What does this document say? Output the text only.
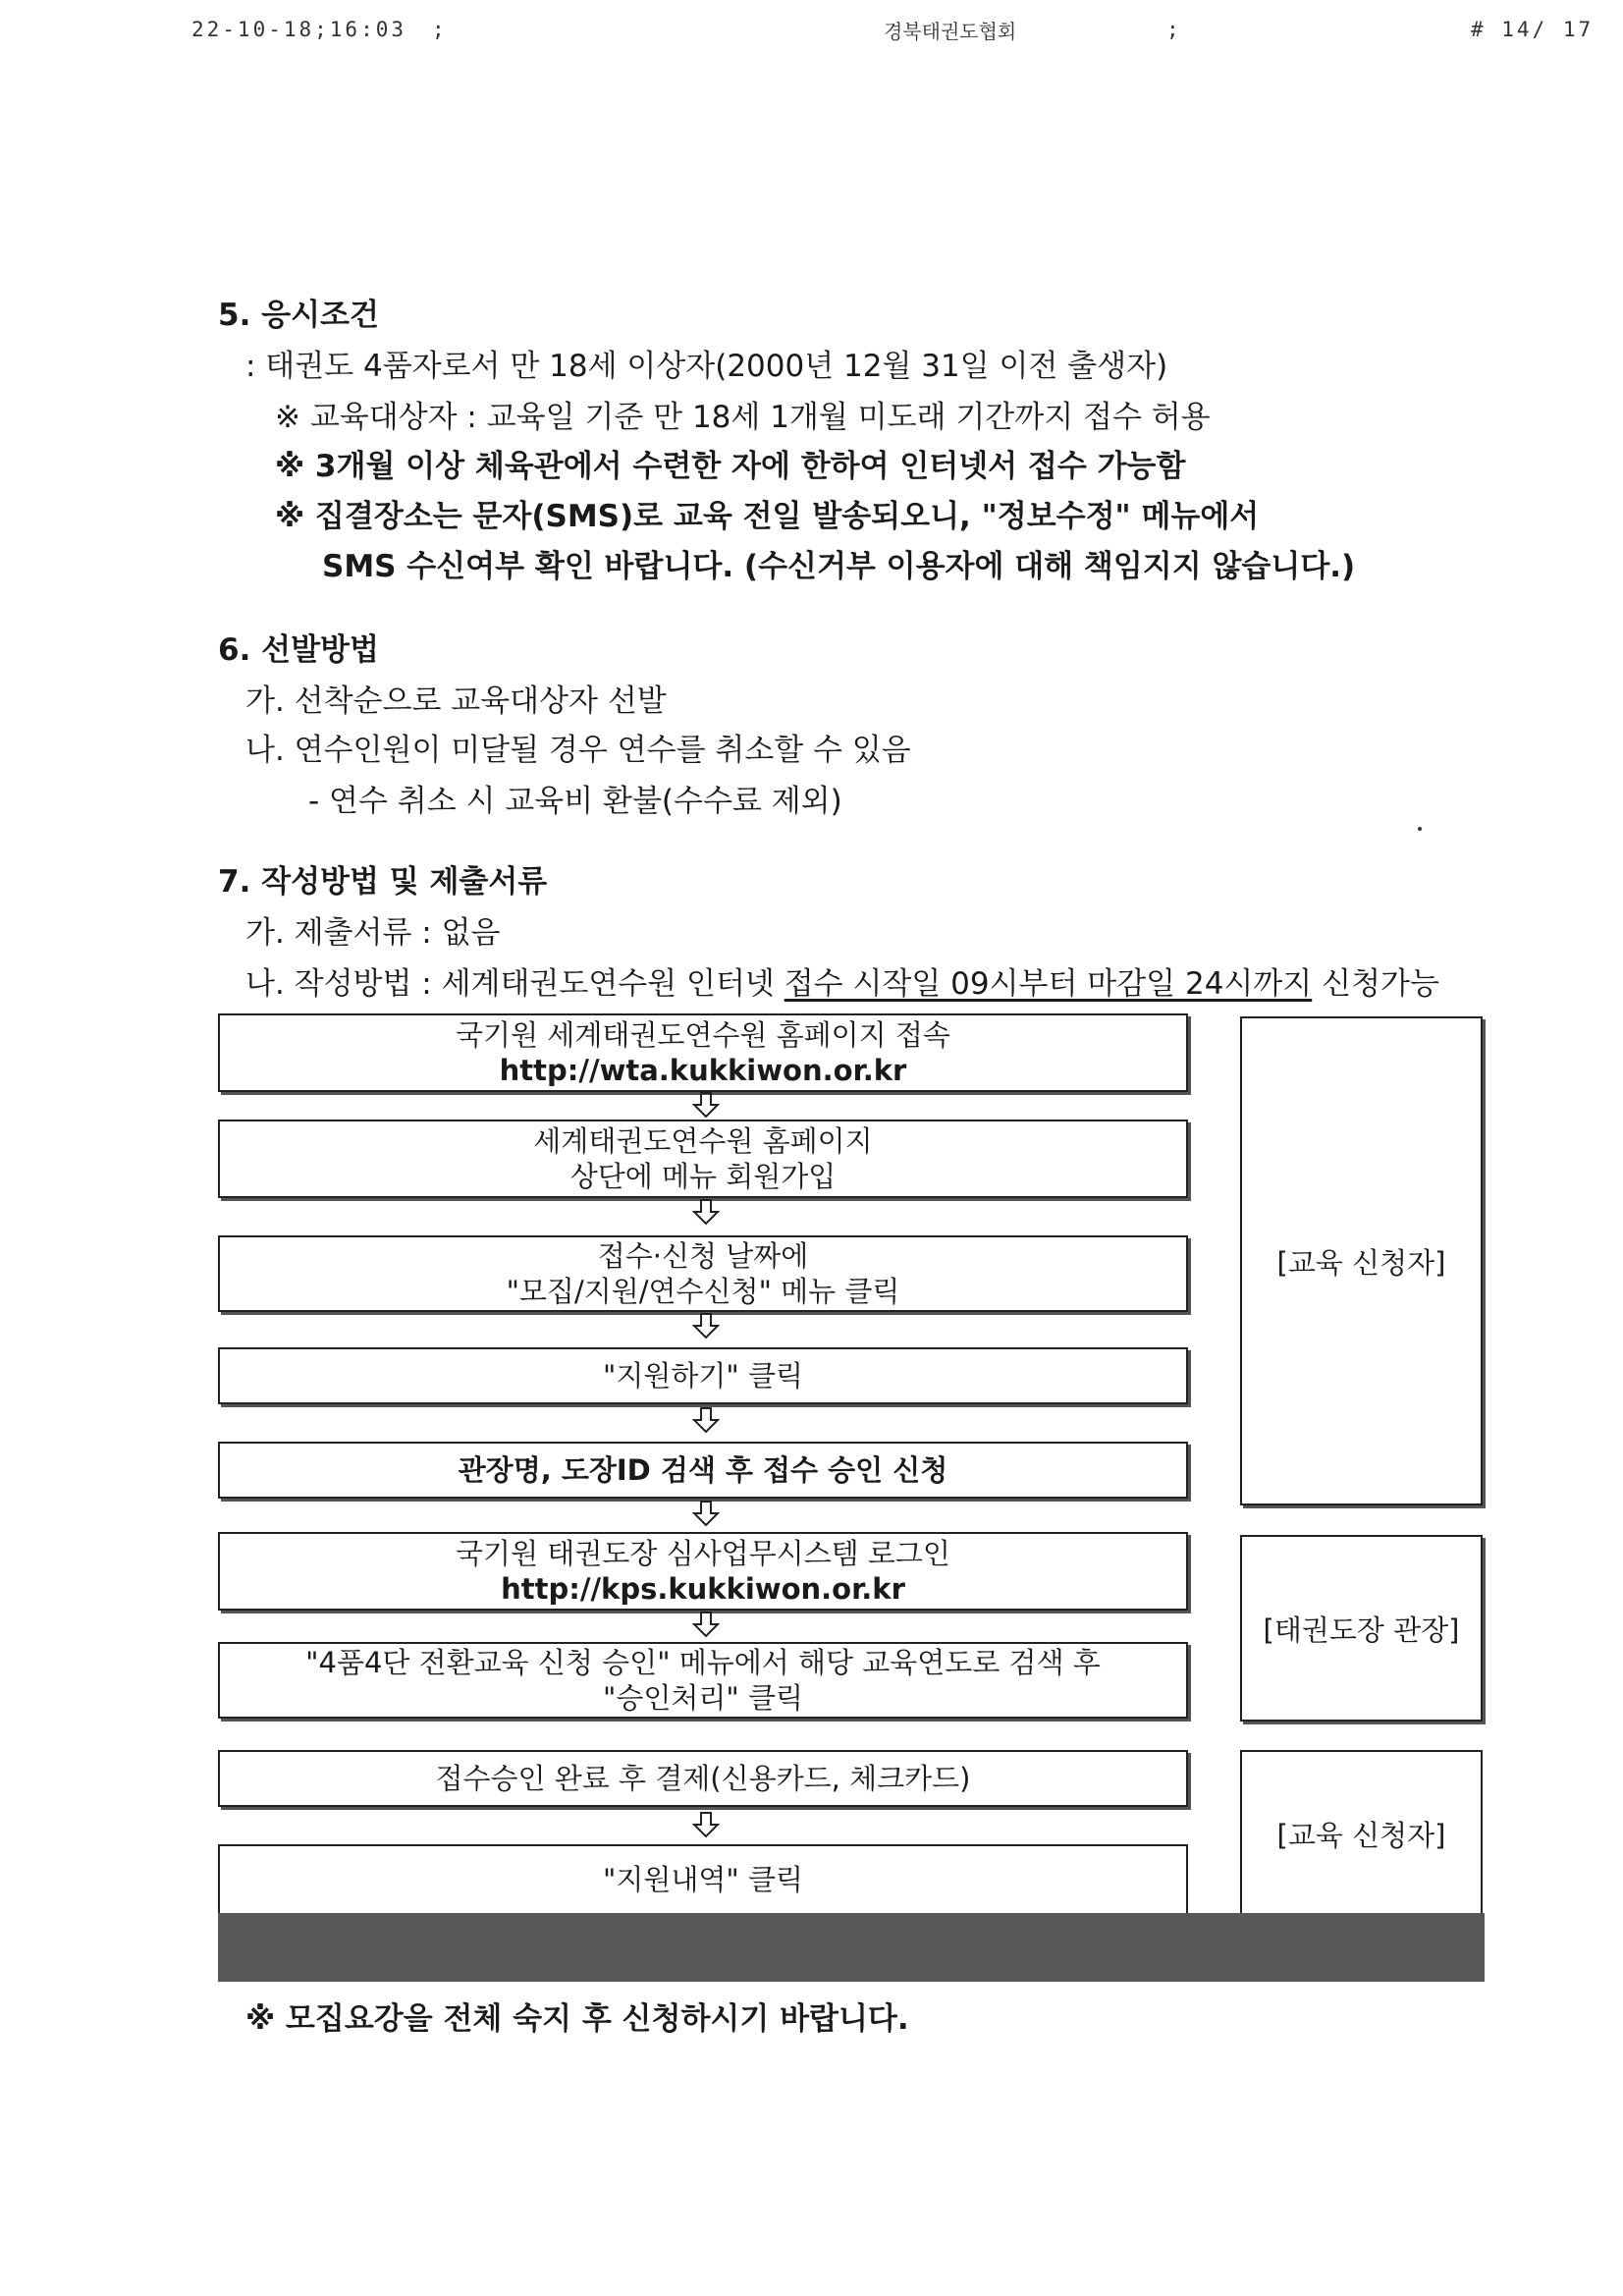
22-10-18;16:03 ;	경북태권도협회	;	# 14/ 17
5. 응시조건
: 태권도 4품자로서 만 18세 이상자(2000년 12월 31일 이전 출생자)
※ 교육대상자 : 교육일 기준 만 18세 1개월 미도래 기간까지 접수 허용
※ 3개월 이상 체육관에서 수련한 자에 한하여 인터넷서 접수 가능함
※ 집결장소는 문자(SMS)로 교육 전일 발송되오니, "정보수정" 메뉴에서
SMS 수신여부 확인 바랍니다. (수신거부 이용자에 대해 책임지지 않습니다.)
6. 선발방법
가. 선착순으로 교육대상자 선발
나. 연수인원이 미달될 경우 연수를 취소할 수 있음
- 연수 취소 시 교육비 환불(수수료 제외)
7. 작성방법 및 제출서류
가. 제출서류 : 없음
나. 작성방법 : 세계태권도연수원 인터넷 접수 시작일 09시부터 마감일 24시까지 신청가능
국기원 세계태권도연수원 홈페이지 접속
http://wta.kukkiwon.or.kr
세계태권도연수원 홈페이지
상단에 메뉴 회원가입
접수·신청 날짜에
"모집/지원/연수신청" 메뉴 클릭
"지원하기" 클릭
관장명, 도장ID 검색 후 접수 승인 신청
국기원 태권도장 심사업무시스템 로그인
http://kps.kukkiwon.or.kr
"4품4단 전환교육 신청 승인" 메뉴에서 해당 교육연도로 검색 후
"승인처리" 클릭
접수승인 완료 후 결제(신용카드, 체크카드)
"지원내역" 클릭
[교육 신청자]
[태권도장 관장]
[교육 신청자]
※ 모집요강을 전체 숙지 후 신청하시기 바랍니다.
